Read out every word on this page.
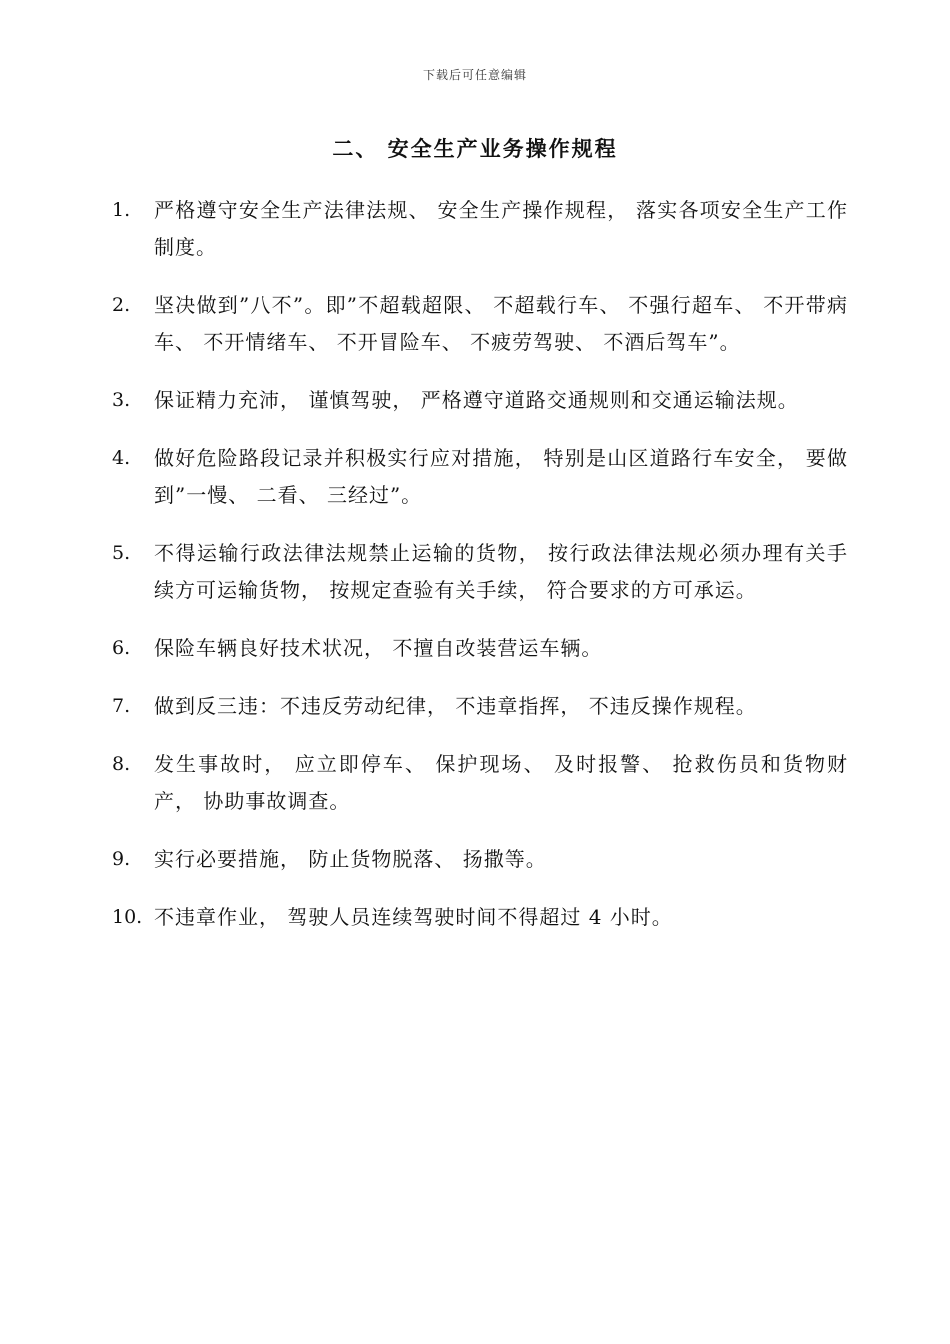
下载后可任意编辑
二、 安全生产业务操作规程
1.	严格遵守安全生产法律法规、 安全生产操作规程， 落实各项安全生产工作制度。
2.	坚决做到”八不”。即”不超载超限、 不超载行车、 不强行超车、 不开带病车、 不开情绪车、 不开冒险车、 不疲劳驾驶、 不酒后驾车”。
3.	保证精力充沛， 谨慎驾驶， 严格遵守道路交通规则和交通运输法规。
4.	做好危险路段记录并积极实行应对措施， 特别是山区道路行车安全， 要做到”一慢、 二看、 三经过”。
5.	不得运输行政法律法规禁止运输的货物， 按行政法律法规必须办理有关手续方可运输货物， 按规定查验有关手续， 符合要求的方可承运。
6.	保险车辆良好技术状况， 不擅自改装营运车辆。
7.	做到反三违：不违反劳动纪律， 不违章指挥， 不违反操作规程。
8.	发生事故时， 应立即停车、 保护现场、 及时报警、 抢救伤员和货物财产， 协助事故调查。
9.	实行必要措施， 防止货物脱落、 扬撒等。
10. 不违章作业， 驾驶人员连续驾驶时间不得超过 4 小时。
